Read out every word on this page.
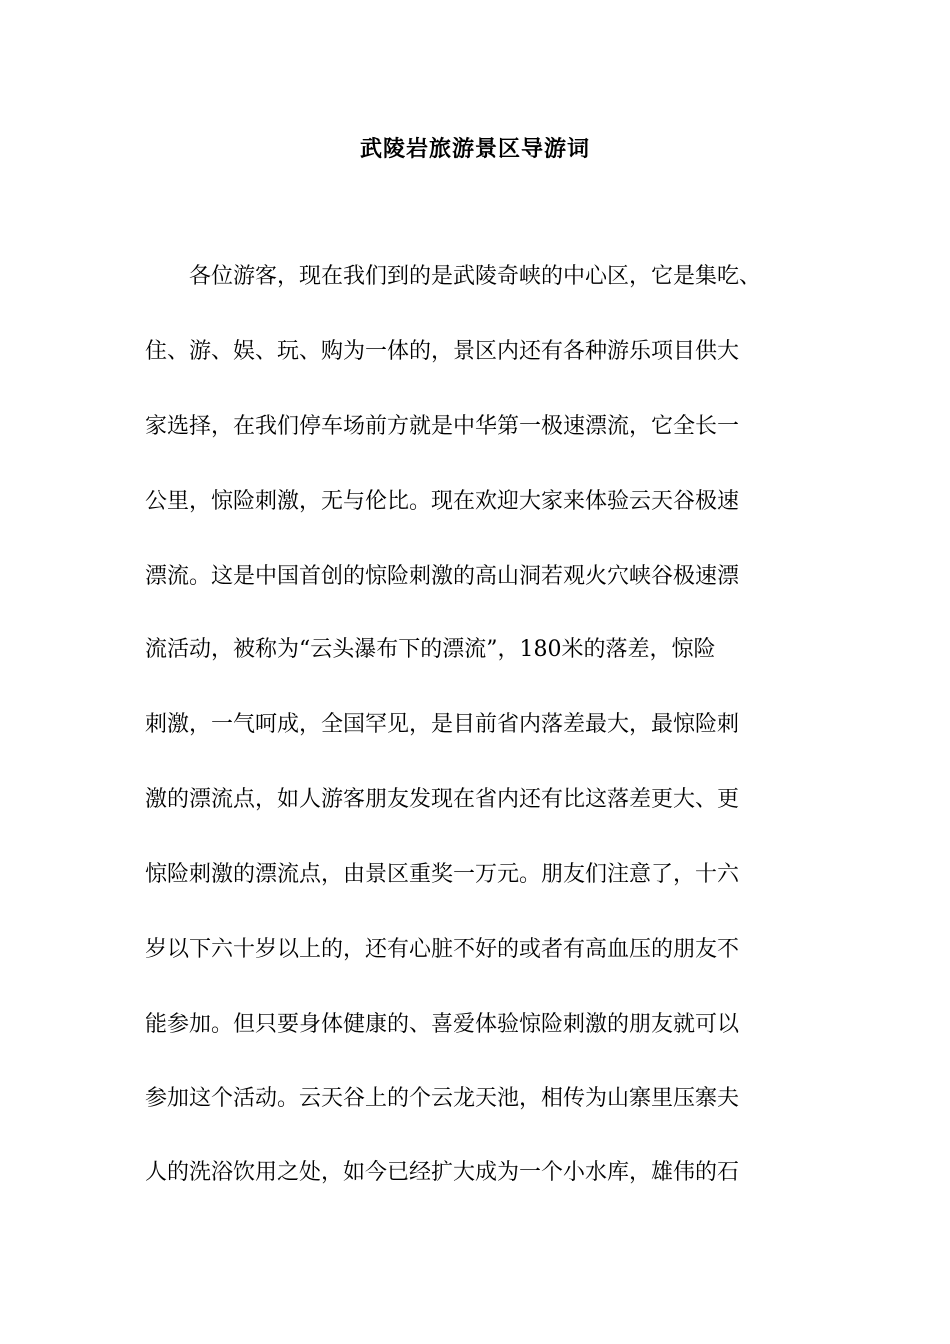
武陵岩旅游景区导游词
　　各位游客，现在我们到的是武陵奇峡的中心区，它是集吃、
住、游、娱、玩、购为一体的，景区内还有各种游乐项目供大
家选择，在我们停车场前方就是中华第一极速漂流，它全长一
公里，惊险刺激，无与伦比。现在欢迎大家来体验云天谷极速
漂流。这是中国首创的惊险刺激的高山洞若观火穴峡谷极速漂
流活动，被称为“云头瀑布下的漂流”，180米的落差，惊险
刺激，一气呵成，全国罕见，是目前省内落差最大，最惊险刺
激的漂流点，如人游客朋友发现在省内还有比这落差更大、更
惊险刺激的漂流点，由景区重奖一万元。朋友们注意了，十六
岁以下六十岁以上的，还有心脏不好的或者有高血压的朋友不
能参加。但只要身体健康的、喜爱体验惊险刺激的朋友就可以
参加这个活动。云天谷上的个云龙天池，相传为山寨里压寨夫
人的洗浴饮用之处，如今已经扩大成为一个小水库，雄伟的石
